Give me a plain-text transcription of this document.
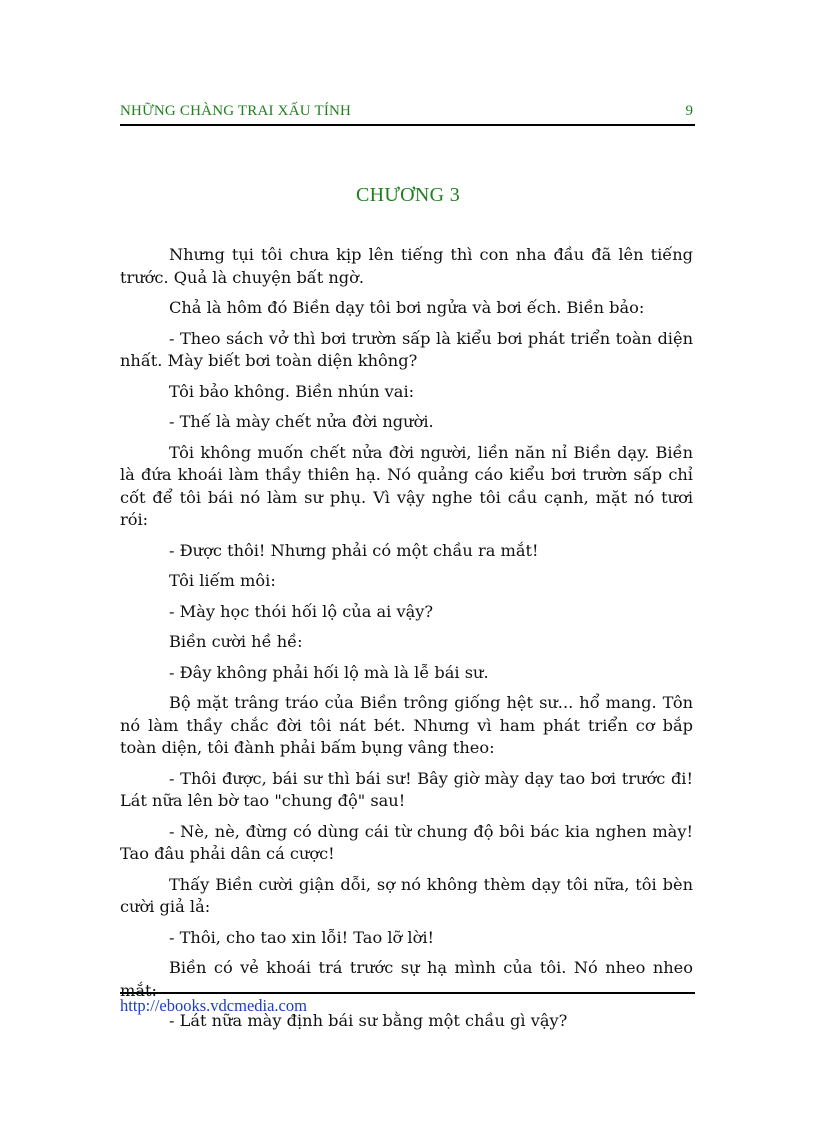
NHỮNG CHÀNG TRAI XẤU TÍNH	9
CHƯƠNG 3

Nhưng tụi tôi chưa kịp lên tiếng thì con nha đầu đã lên tiếng trước. Quả là chuyện bất ngờ.

Chả là hôm đó Biền dạy tôi bơi ngửa và bơi ếch. Biền bảo:

- Theo sách vở thì bơi trườn sấp là kiểu bơi phát triển toàn diện nhất. Mày biết bơi toàn diện không?

Tôi bảo không. Biền nhún vai:

- Thế là mày chết nửa đời người.

Tôi không muốn chết nửa đời người, liền năn nỉ Biền dạy. Biền là đứa khoái làm thầy thiên hạ. Nó quảng cáo kiểu bơi trườn sấp chỉ cốt để tôi bái nó làm sư phụ. Vì vậy nghe tôi cầu cạnh, mặt nó tươi rói:

- Được thôi! Nhưng phải có một chầu ra mắt!

Tôi liếm môi:

- Mày học thói hối lộ của ai vậy?

Biền cười hề hề:

- Đây không phải hối lộ mà là lễ bái sư.

Bộ mặt trâng tráo của Biền trông giống hệt sư... hổ mang. Tôn nó làm thầy chắc đời tôi nát bét. Nhưng vì ham phát triển cơ bắp toàn diện, tôi đành phải bấm bụng vâng theo:

- Thôi được, bái sư thì bái sư! Bây giờ mày dạy tao bơi trước đi! Lát nữa lên bờ tao "chung độ" sau!

- Nè, nè, đừng có dùng cái từ chung độ bôi bác kia nghen mày! Tao đâu phải dân cá cược!

Thấy Biền cười giận dỗi, sợ nó không thèm dạy tôi nữa, tôi bèn cười giả lả:

- Thôi, cho tao xin lỗi! Tao lỡ lời!

Biền có vẻ khoái trá trước sự hạ mình của tôi. Nó nheo nheo mắt:

- Lát nữa mày định bái sư bằng một chầu gì vậy?

http://ebooks.vdcmedia.com
